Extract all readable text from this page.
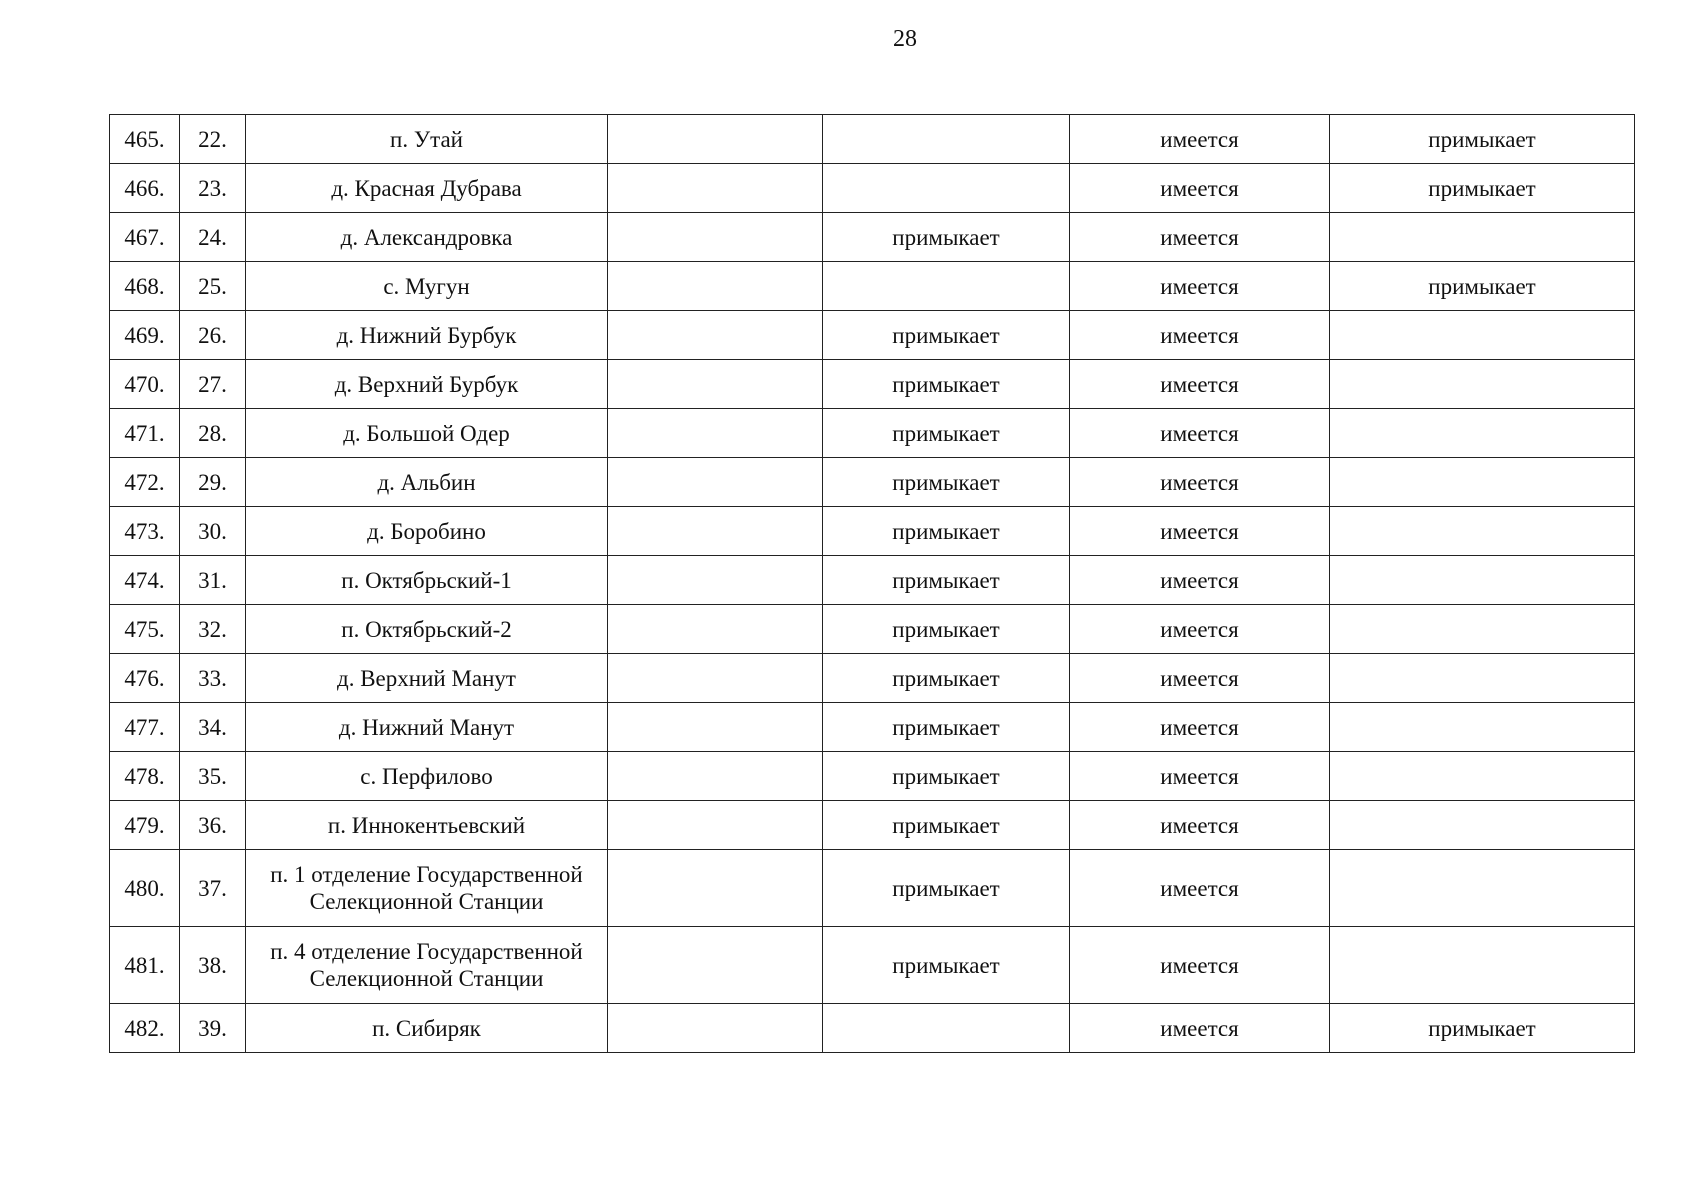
28
465.	22.	п. Утай			имеется	примыкает
466.	23.	д. Красная Дубрава			имеется	примыкает
467.	24.	д. Александровка		примыкает	имеется	
468.	25.	с. Мугун			имеется	примыкает
469.	26.	д. Нижний Бурбук		примыкает	имеется	
470.	27.	д. Верхний Бурбук		примыкает	имеется	
471.	28.	д. Большой Одер		примыкает	имеется	
472.	29.	д. Альбин		примыкает	имеется	
473.	30.	д. Боробино		примыкает	имеется	
474.	31.	п. Октябрьский-1		примыкает	имеется	
475.	32.	п. Октябрьский-2		примыкает	имеется	
476.	33.	д. Верхний Манут		примыкает	имеется	
477.	34.	д. Нижний Манут		примыкает	имеется	
478.	35.	с. Перфилово		примыкает	имеется	
479.	36.	п. Иннокентьевский		примыкает	имеется	
480.	37.	п. 1 отделение Государственной Селекционной Станции		примыкает	имеется	
481.	38.	п. 4 отделение Государственной Селекционной Станции		примыкает	имеется	
482.	39.	п. Сибиряк			имеется	примыкает
